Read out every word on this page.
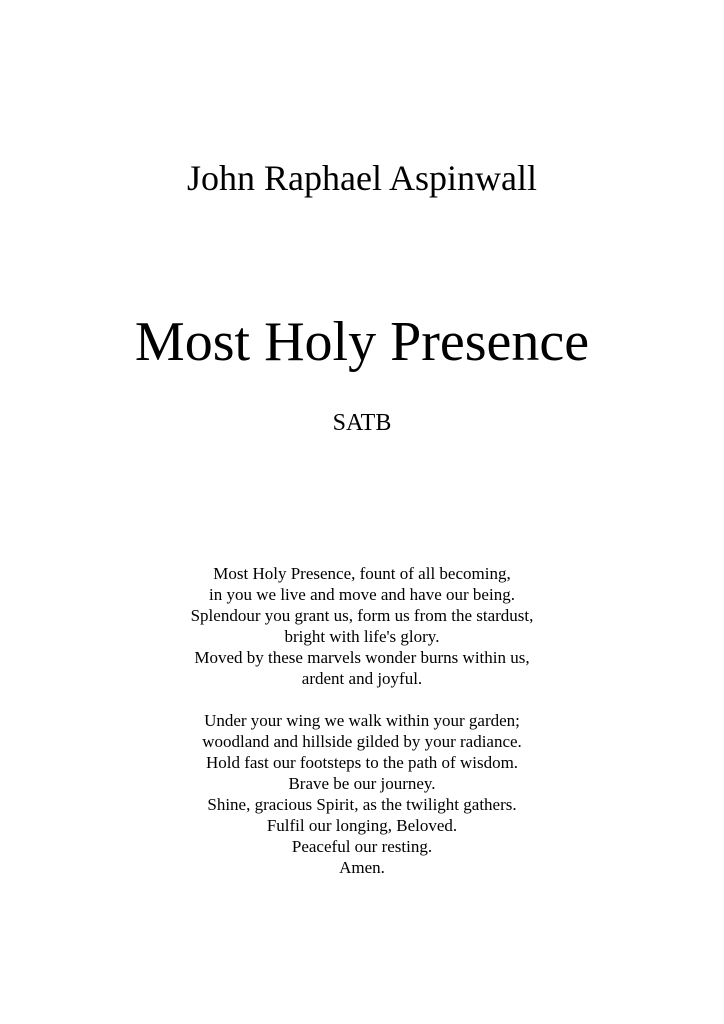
John Raphael Aspinwall
Most Holy Presence
SATB

Most Holy Presence, fount of all becoming,
in you we live and move and have our being.
Splendour you grant us, form us from the stardust,
bright with life's glory.
Moved by these marvels wonder burns within us,
ardent and joyful.

Under your wing we walk within your garden;
woodland and hillside gilded by your radiance.
Hold fast our footsteps to the path of wisdom.
Brave be our journey.
Shine, gracious Spirit, as the twilight gathers.
Fulfil our longing, Beloved.
Peaceful our resting.
Amen.
